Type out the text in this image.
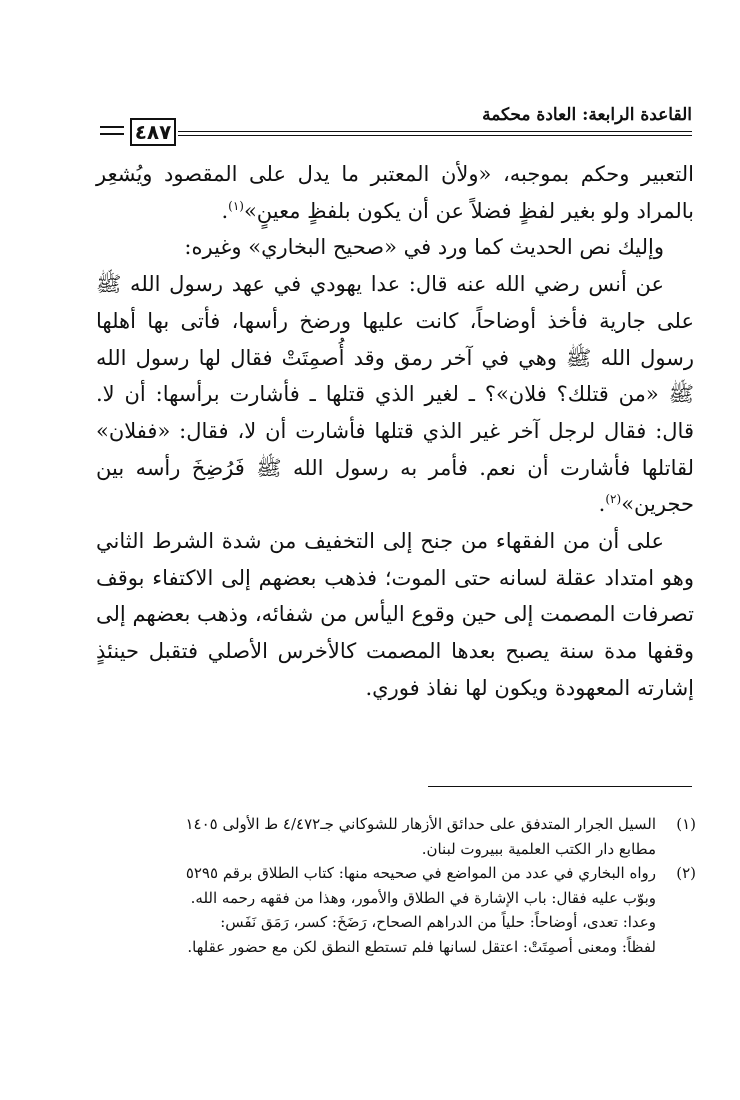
القاعدة الرابعة: العادة محكمة
٤٨٧

التعبير وحكم بموجبه، «ولأن المعتبر ما يدل على المقصود ويُشعِر بالمراد ولو بغير لفظٍ فضلاً عن أن يكون بلفظٍ معينٍ»$^{(١)}$.

وإليك نص الحديث كما ورد في «صحيح البخاري» وغيره:

عن أنس رضي الله عنه قال: عدا يهودي في عهد رسول الله ﷺ على جارية فأخذ أوضاحاً، كانت عليها ورضخ رأسها، فأتى بها أهلها رسول الله ﷺ وهي في آخر رمق وقد أُصمِتَتْ فقال لها رسول الله ﷺ «من قتلك؟ فلان»؟ ـ لغير الذي قتلها ـ فأشارت برأسها: أن لا. قال: فقال لرجل آخر غير الذي قتلها فأشارت أن لا، فقال: «ففلان» لقاتلها فأشارت أن نعم. فأمر به رسول الله ﷺ فَرُضِخَ رأسه بين حجرين»$^{(٢)}$.

على أن من الفقهاء من جنح إلى التخفيف من شدة الشرط الثاني وهو امتداد عقلة لسانه حتى الموت؛ فذهب بعضهم إلى الاكتفاء بوقف تصرفات المصمت إلى حين وقوع اليأس من شفائه، وذهب بعضهم إلى وقفها مدة سنة يصبح بعدها المصمت كالأخرس الأصلي فتقبل حينئذٍ إشارته المعهودة ويكون لها نفاذ فوري.

(١)
السيل الجرار المتدفق على حدائق الأزهار للشوكاني جـ٤/٤٧٢ ط الأولى ١٤٠٥
مطابع دار الكتب العلمية ببيروت لبنان.
(٢)
رواه البخاري في عدد من المواضع في صحيحه منها: كتاب الطلاق برقم ٥٢٩٥
وبوّب عليه فقال: باب الإشارة في الطلاق والأمور، وهذا من فقهه رحمه الله.
وعدا: تعدى، أوضاحاً: حلياً من الدراهم الصحاح، رَضَخَ: كسر، رَمَق نَفَس:
لفظاً: ومعنى أصمِتَتْ: اعتقل لسانها فلم تستطع النطق لكن مع حضور عقلها.
